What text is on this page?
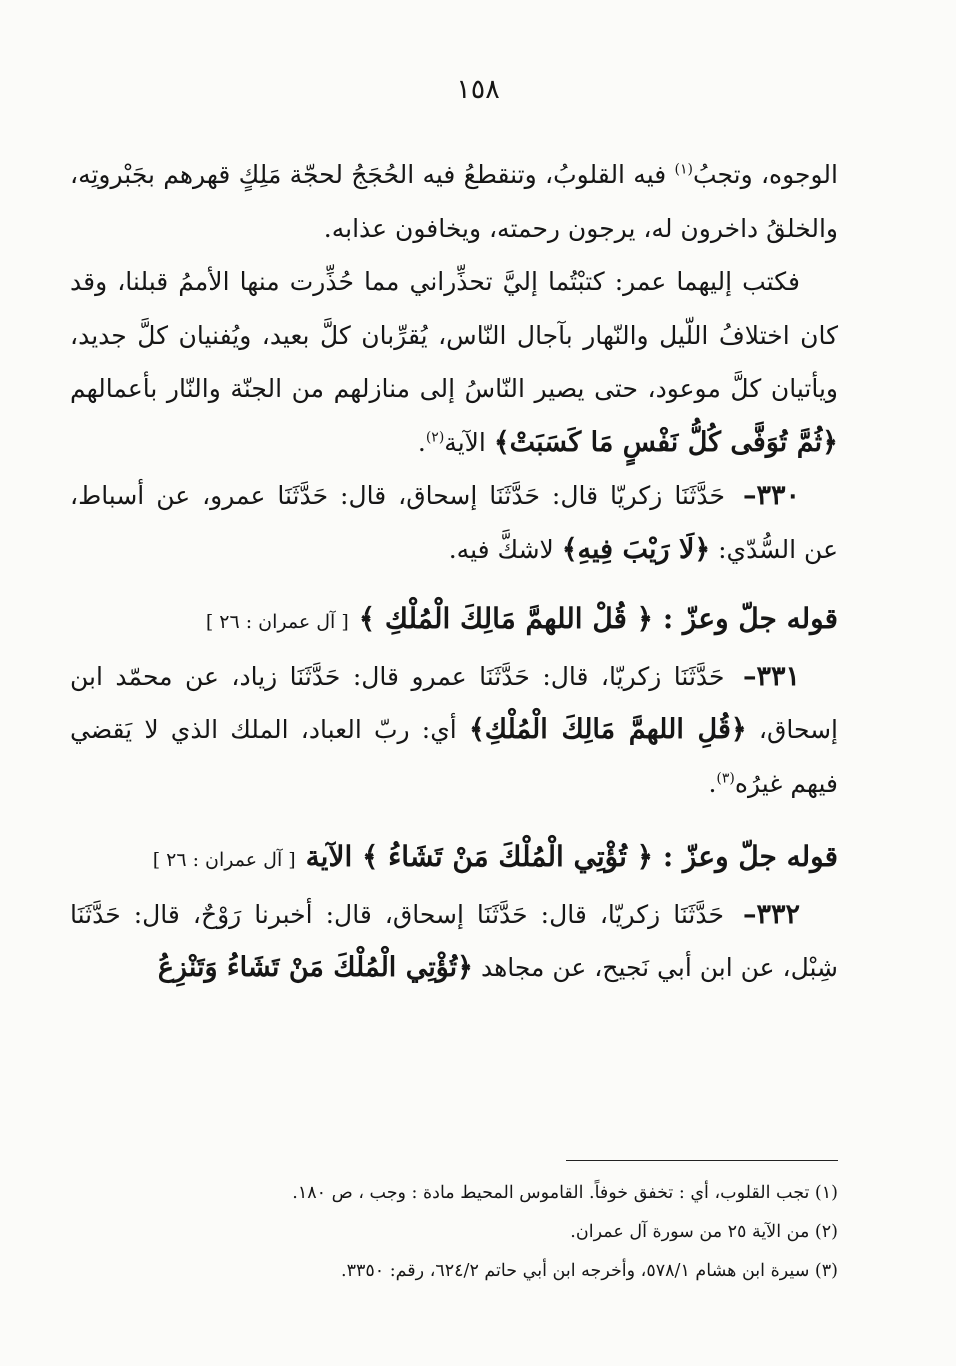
١٥٨

الوجوه، وتجبُ$^{(١)}$ فيه القلوبُ، وتنقطعُ فيه الحُجَجُ لحجّة مَلِكٍ قهرهم بجَبْروتِه، والخلقُ داخرون له، يرجون رحمته، ويخافون عذابه.

فكتب إليهما عمر: كتبْتُما إليَّ تحذِّراني مما حُذِّرت منها الأممُ قبلنا، وقد كان اختلافُ اللّيل والنّهار بآجال النّاس، يُقرِّبان كلَّ بعيد، ويُفنيان كلَّ جديد، ويأتيان كلَّ موعود، حتى يصير النّاسُ إلى منازلهم من الجنّة والنّار بأعمالهم ﴿ثُمَّ تُوَفَّى كُلُّ نَفْسٍ مَا كَسَبَتْ﴾ الآية$^{(٢)}$.

٣٣٠– حَدَّثَنَا زكريّا قال: حَدَّثَنَا إسحاق، قال: حَدَّثَنَا عمرو، عن أسباط، عن السُّدّي: ﴿لَا رَيْبَ فِيهِ﴾ لاشكَّ فيه.

قوله جلّ وعزّ : ﴿ قُلْ اللهمَّ مَالِكَ الْمُلْكِ ﴾[ آل عمران : ٢٦ ]

٣٣١– حَدَّثَنَا زكريّا، قال: حَدَّثَنَا عمرو قال: حَدَّثَنَا زياد، عن محمّد ابن إسحاق، ﴿قُلِ اللهمَّ مَالِكَ الْمُلْكِ﴾ أي: ربّ العباد، الملك الذي لا يَقضي فيهم غيرُه$^{(٣)}$.

قوله جلّ وعزّ : ﴿ تُؤْتِي الْمُلْكَ مَنْ تَشَاءُ ﴾ الآية[ آل عمران : ٢٦ ]

٣٣٢– حَدَّثَنَا زكريّا، قال: حَدَّثَنَا إسحاق، قال: أخبرنا رَوْحٌ، قال: حَدَّثَنَا شِبْل، عن ابن أبي نَجيح، عن مجاهد ﴿تُؤْتِي الْمُلْكَ مَنْ تَشَاءُ وَتَنْزِعُ

(١) تجب القلوب، أي : تخفق خوفاً. القاموس المحيط مادة : وجب ، ص ١٨٠.

(٢) من الآية ٢٥ من سورة آل عمران.

(٣) سيرة ابن هشام ٥٧٨/١، وأخرجه ابن أبي حاتم ٦٢٤/٢، رقم: ٣٣٥٠.
